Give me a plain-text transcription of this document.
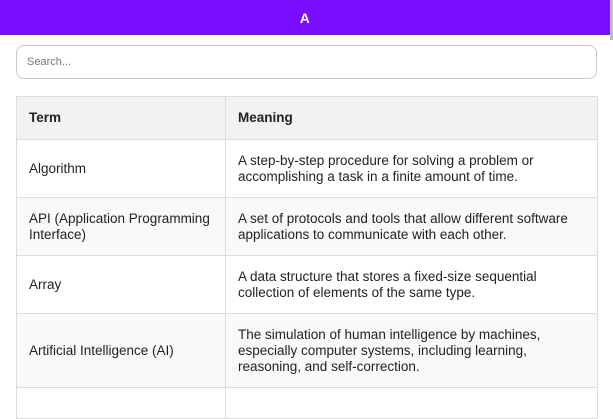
A
Search...
Term	Meaning
Algorithm	A step-by-step procedure for solving a problem or accomplishing a task in a finite amount of time.
API (Application Programming Interface)	A set of protocols and tools that allow different software applications to communicate with each other.
Array	A data structure that stores a fixed-size sequential collection of elements of the same type.
Artificial Intelligence (AI)	The simulation of human intelligence by machines, especially computer systems, including learning, reasoning, and self-correction.
